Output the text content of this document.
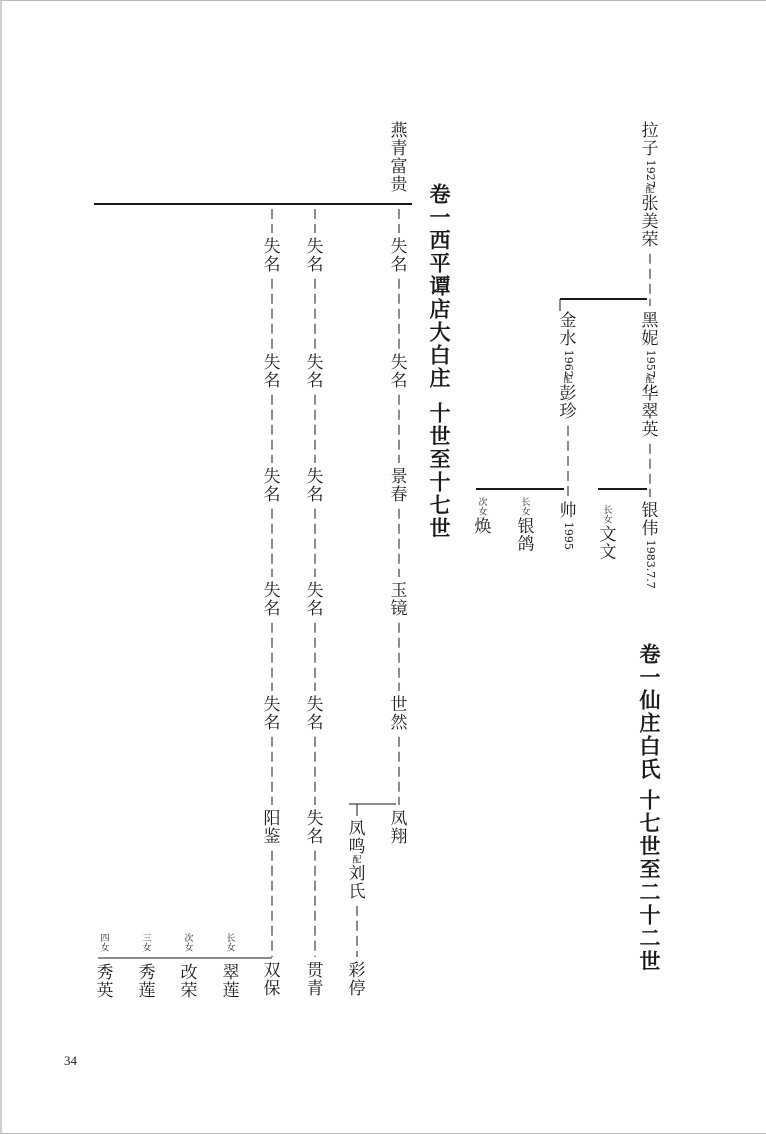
卷
一
仙
庄
白
氏
十
七
世
至
二
十
二
世
拉
子
1927
配
张
美
荣
黑
妮
1957
配
华
翠
英
银
伟
1983.7.7
金
水
1962
配
彭
珍
帅
1995
长
女
文
文
长
女
银
鸽
次
女
焕
卷
一
西
平
谭
店
大
白
庄
十
世
至
十
七
世
燕
青
富
贵
失
名
失
名
景
春
玉
镜
世
然
凤
翔
凤
鸣
配
刘
氏
彩
停
失
名
失
名
失
名
失
名
失
名
失
名
贯
青
失
名
失
名
失
名
失
名
失
名
阳
鉴
双
保
长
女
翠
莲
次
女
改
荣
三
女
秀
莲
四
女
秀
英
34
